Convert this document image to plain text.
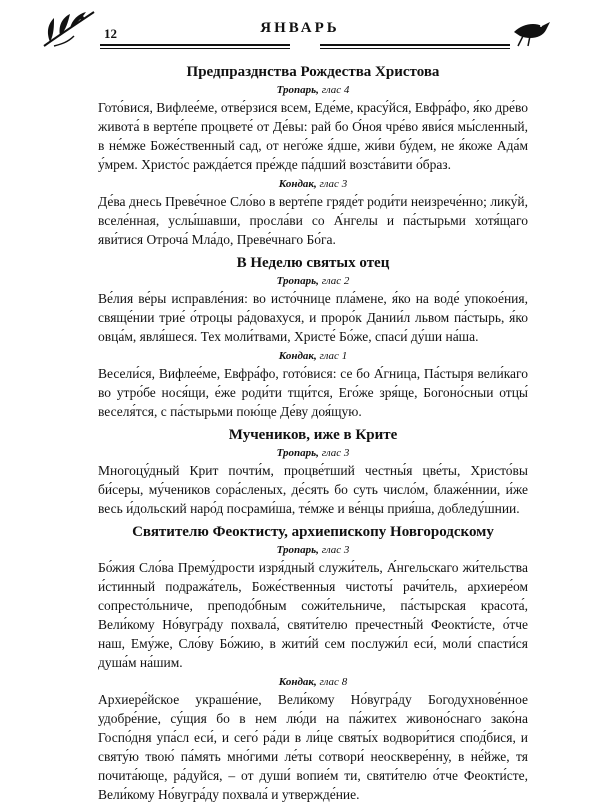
12	ЯНВАРЬ
Предпразднства Рождества Христова
Тропарь, глас 4

Гото́вися, Вифлее́ме, отве́рзися всем, Еде́ме, красу́йся, Евфра́фо, я́ко дре́во живота́ в верте́пе процвете́ от Де́вы: рай бо О́ноя чре́во яви́ся мы́сленный, в не́мже Боже́ственный сад, от него́же я́дше, жи́ви бу́дем, не я́коже Ада́м у́мрем. Христо́с ражда́ется пре́жде па́дший возста́вити о́браз.

Кондак, глас 3

Де́ва днесь Преве́чное Сло́во в верте́пе гряде́т роди́ти неизрече́нно; лику́й, вселе́нная, услы́шавши, просла́ви со А́нгелы и па́стырьми хотя́щаго яви́тися Отроча́ Мла́до, Преве́чнаго Бо́га.

В Неделю святых отец
Тропарь, глас 2

Ве́лия ве́ры исправле́ния: во исто́чнице пла́мене, я́ко на воде́ упокое́ния, свяще́нии трие́ о́троцы ра́довахуся, и проро́к Дании́л львом па́стырь, я́ко овца́м, явля́шеся. Тех моли́твами, Христе́ Бо́же, спаси́ ду́ши на́ша.

Кондак, глас 1

Весели́ся, Вифлее́ме, Евфра́фо, гото́вися: се бо А́гница, Па́стыря вели́каго во утро́бе нося́щи, е́же роди́ти тщи́тся, Его́же зря́ще, Богоно́сныи отцы́ веселя́тся, с па́стырьми пою́ще Де́ву доя́щую.

Мучеников, иже в Крите
Тропарь, глас 3

Многоцу́дный Крит почти́м, процве́тший честны́я цве́ты, Христо́вы би́серы, му́чеников сора́сленых, де́сять бо суть число́м, блаже́ннии, и́же весь и́дольский наро́д посрами́ша, те́мже и ве́нцы прия́ша, добледу́шнии.

Святителю Феоктисту, архиепископу Новгородскому
Тропарь, глас 3

Бо́жия Сло́ва Прему́дрости изря́дный служи́тель, А́нгельскаго жи́тельства и́стинный подража́тель, Боже́ственныя чистоты́ рачи́тель, архиере́ом сопресто́льниче, преподо́бным сожи́тельниче, па́стырская красота́, Вели́кому Но́вугра́ду похвала́, святи́телю пречестны́й Феокти́сте, о́тче наш, Ему́же, Сло́ву Бо́жию, в жити́й сем послужи́л еси́, моли́ спасти́ся душа́м на́шим.

Кондак, глас 8

Архиере́йское украше́ние, Вели́кому Но́вугра́ду Богодухнове́нное удобре́ние, су́щия бо в нем лю́ди на па́житех живоно́снаго зако́на Госпо́дня упа́сл еси́, и сего́ ра́ди в ли́це святы́х водвори́тися спод́бися, и святу́ю твою́ па́мять мно́гими ле́ты сотвори́ неосквере́нну, в не́йже, тя почита́юще, ра́дуйся, – от души́ вопие́м ти, святи́телю о́тче Феокти́сте, Вели́кому Но́вугра́ду похвала́ и утвержде́ние.
